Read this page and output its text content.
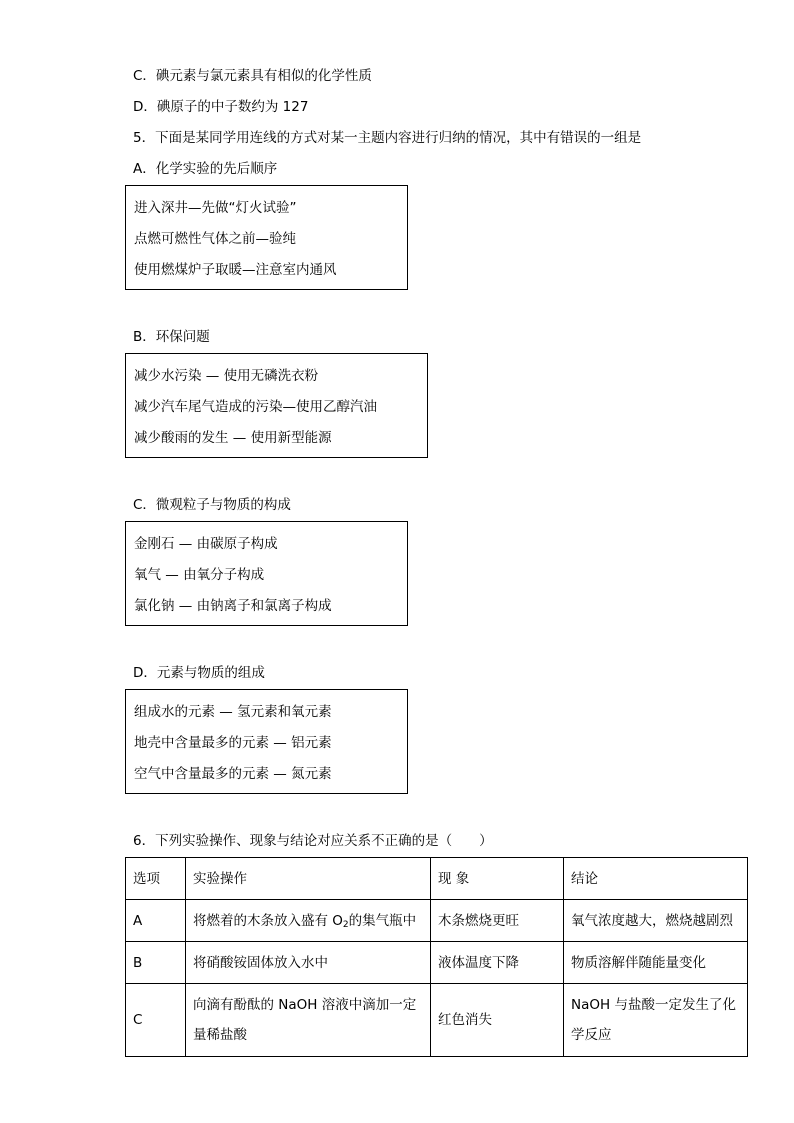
C．碘元素与氯元素具有相似的化学性质
D．碘原子的中子数约为 127
5．下面是某同学用连线的方式对某一主题内容进行归纳的情况，其中有错误的一组是
A．化学实验的先后顺序
进入深井—先做“灯火试验”
点燃可燃性气体之前—验纯
使用燃煤炉子取暖—注意室内通风
B．环保问题
减少水污染 — 使用无磷洗衣粉
减少汽车尾气造成的污染—使用乙醇汽油
减少酸雨的发生 — 使用新型能源
C．微观粒子与物质的构成
金刚石 — 由碳原子构成
氧气 — 由氧分子构成
氯化钠 — 由钠离子和氯离子构成
D．元素与物质的组成
组成水的元素 — 氢元素和氧元素
地壳中含量最多的元素 — 铝元素
空气中含量最多的元素 — 氮元素
6．下列实验操作、现象与结论对应关系不正确的是（　　）
选项	实验操作	现 象	结论
A	将燃着的木条放入盛有 $O_2$的集气瓶中	木条燃烧更旺	氧气浓度越大，燃烧越剧烈
B	将硝酸铵固体放入水中	液体温度下降	物质溶解伴随能量变化
C	向滴有酚酞的 NaOH 溶液中滴加一定量稀盐酸	红色消失	NaOH 与盐酸一定发生了化学反应
